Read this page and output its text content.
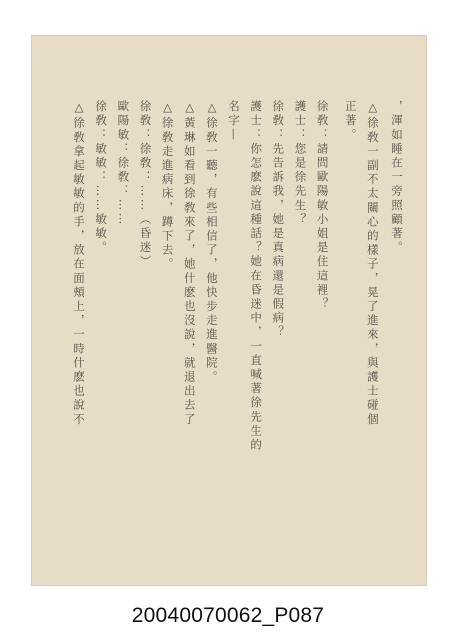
，渾如睡在一旁照顧著。
△徐敎一副不太關心的樣子，晃了進來，與護士碰個
正著。
徐敎：請問歐陽敏小姐是住這裡？
護士：您是徐先生？
徐敎：先告訴我，她是真病還是假病？
護士：你怎麽說這種話？她在昏迷中，一直喊著徐先生的
名字—
△徐敎一聽，有些相信了，他快步走進醫院。
△黃琳如看到徐敎來了，她什麽也沒說，就退出去了
△徐敎走進病床，蹲下去。
徐敎：徐敎：……（昏迷）
歐陽敏：徐敎：……
徐敎：敏敏：……敏敏。
△徐敎拿起敏敏的手，放在面頰上，一時什麽也說不
20040070062_P087
